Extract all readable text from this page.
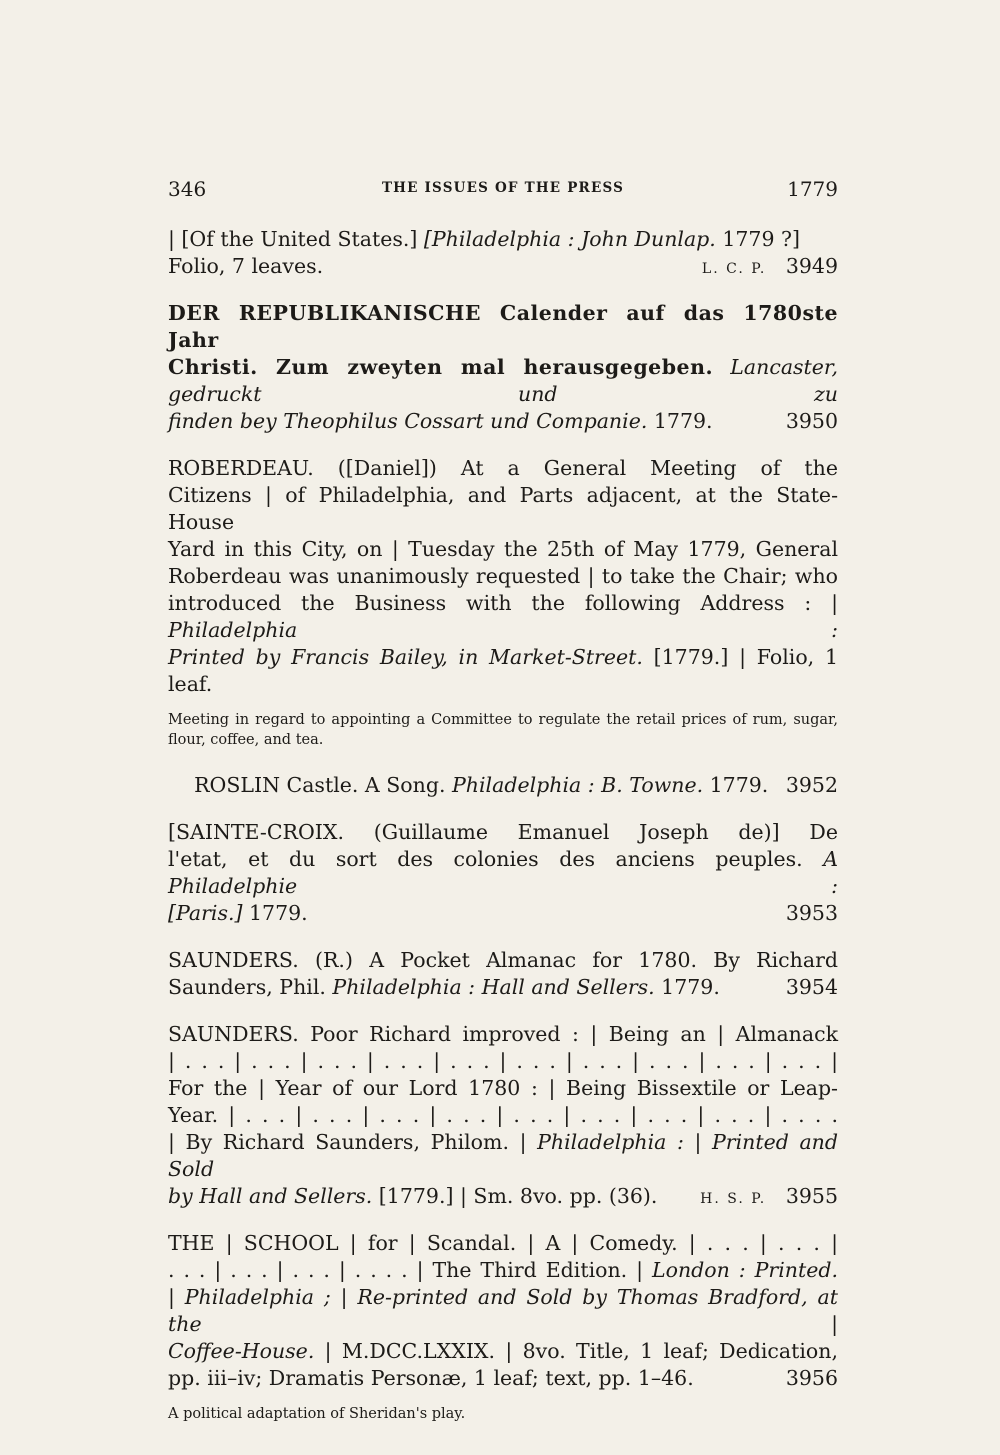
346	THE ISSUES OF THE PRESS	1779
| [Of the United States.] [Philadelphia : John Dunlap. 1779 ?]
Folio, 7 leaves.	L. C. P. 3949
DER REPUBLIKANISCHE Calender auf das 1780ste Jahr
Christi. Zum zweyten mal herausgegeben. Lancaster, gedruckt und zu
finden bey Theophilus Cossart und Companie. 1779.	3950
ROBERDEAU. ([Daniel]) At a General Meeting of the
Citizens | of Philadelphia, and Parts adjacent, at the State-House
Yard in this City, on | Tuesday the 25th of May 1779, General
Roberdeau was unanimously requested | to take the Chair; who
introduced the Business with the following Address : | Philadelphia :
Printed by Francis Bailey, in Market-Street. [1779.] | Folio, 1 leaf.
Meeting in regard to appointing a Committee to regulate the retail prices of rum, sugar, flour, coffee, and tea.
ROSLIN Castle. A Song. Philadelphia : B. Towne. 1779. 3952
[SAINTE-CROIX. (Guillaume Emanuel Joseph de)] De
l'etat, et du sort des colonies des anciens peuples. A Philadelphie :
[Paris.] 1779.	3953
SAUNDERS. (R.) A Pocket Almanac for 1780. By Richard
Saunders, Phil. Philadelphia : Hall and Sellers. 1779.	3954
SAUNDERS. Poor Richard improved : | Being an | Almanack
| . . . | . . . | . . . | . . . | . . . | . . . | . . . | . . . | . . . | . . . |
For the | Year of our Lord 1780 : | Being Bissextile or Leap-
Year. | . . . | . . . | . . . | . . . | . . . | . . . | . . . | . . . | . . . .
| By Richard Saunders, Philom. | Philadelphia : | Printed and Sold
by Hall and Sellers. [1779.] | Sm. 8vo. pp. (36).	H. S. P. 3955
THE | SCHOOL | for | Scandal. | A | Comedy. | . . . | . . . |
. . . | . . . | . . . | . . . . | The Third Edition. | London : Printed.
| Philadelphia ; | Re-printed and Sold by Thomas Bradford, at the |
Coffee-House. | M.DCC.LXXIX. | 8vo. Title, 1 leaf; Dedication,
pp. iii–iv; Dramatis Personæ, 1 leaf; text, pp. 1–46.	3956
A political adaptation of Sheridan's play.
